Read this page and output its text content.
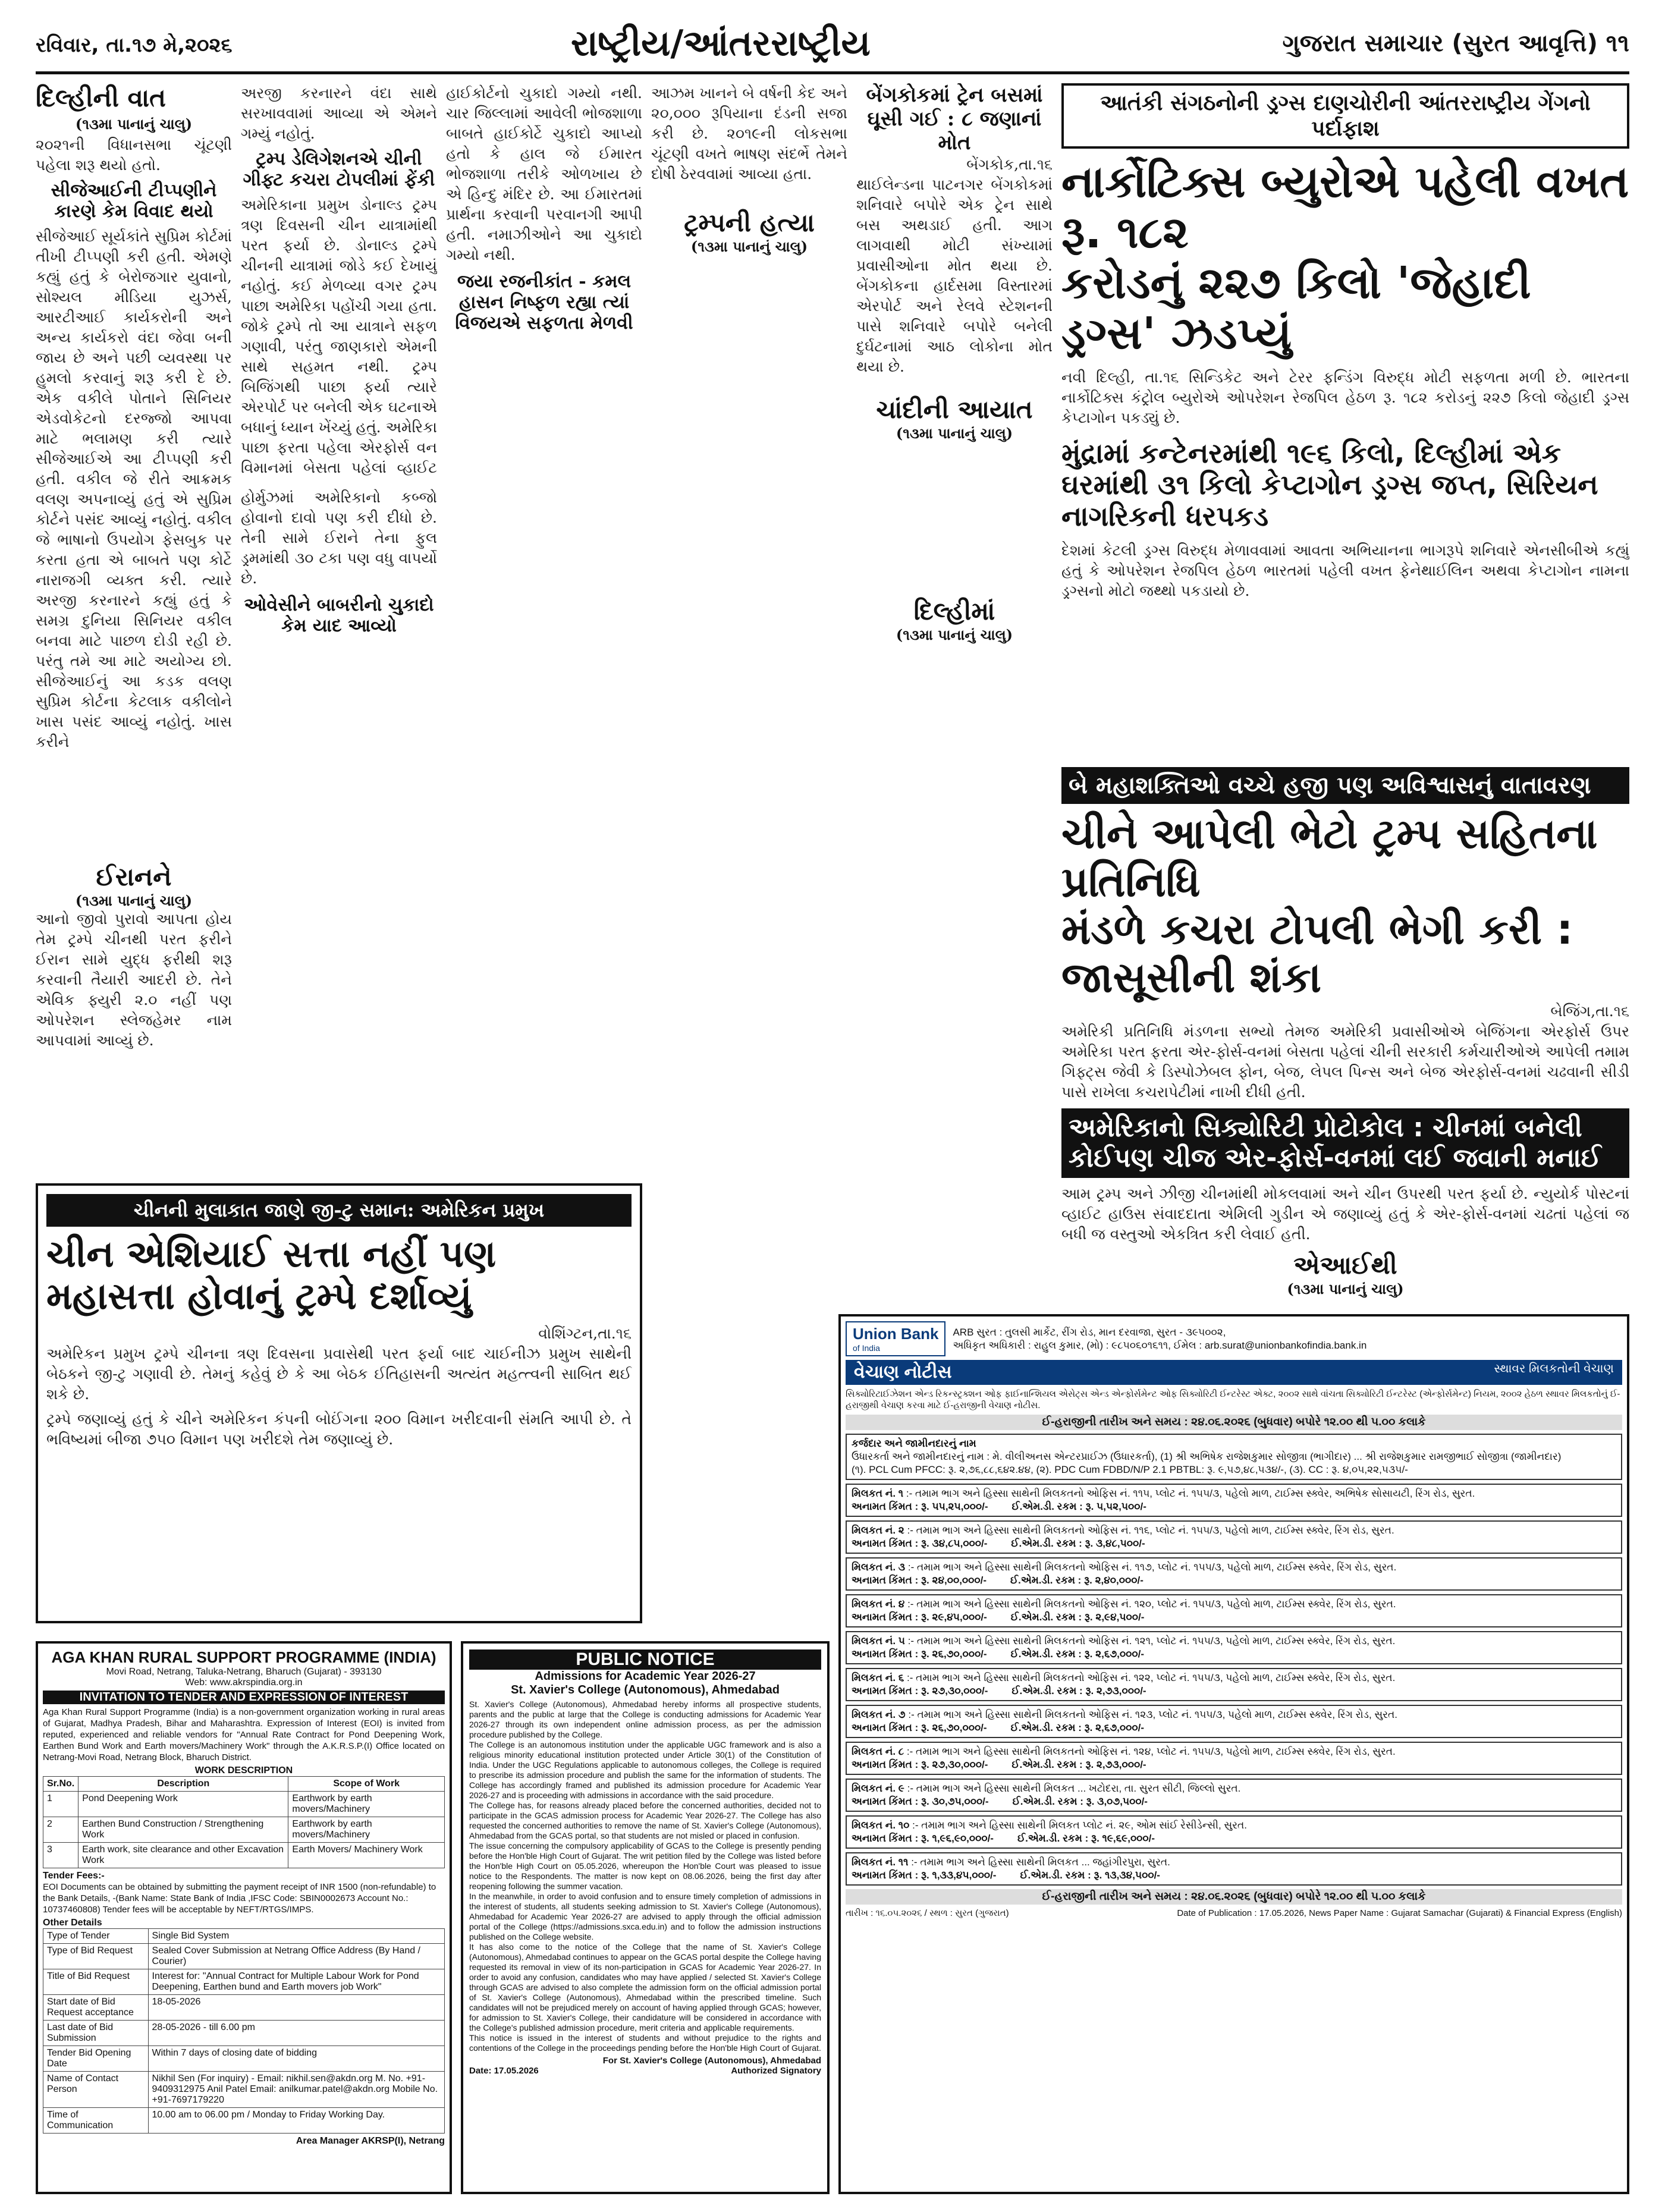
રવિવાર, તા.૧૭ મે,૨૦૨૬	રાષ્ટ્રીય/આંતરરાષ્ટ્રીય	ગુજરાત સમાચાર (સુરત આવૃત્તિ) ૧૧
દિલ્હીની વાત
(૧૩મા પાનાનું ચાલુ)
૨૦૨૧ની વિધાનસભા ચૂંટણી પહેલા શરૂ થયો હતો.
સીજેઆઈની ટીપ્પણીને કારણે કેમ વિવાદ થયો
સીજેઆઈ સૂર્યકાંતે સુપ્રિમ કોર્ટમાં તીખી ટીપ્પણી કરી હતી. એમણે કહ્યું હતું કે બેરોજગાર યુવાનો, સોશ્યલ મીડિયા યુઝર્સ, આરટીઆઈ કાર્યકરોની અને અન્ય કાર્યકરો વંદા જેવા બની જાય છે અને પછી વ્યવસ્થા પર હુમલો કરવાનું શરૂ કરી દે છે. એક વકીલે પોતાને સિનિયર એડવોકેટનો દરજ્જો આપવા માટે ભલામણ કરી ત્યારે સીજેઆઈએ આ ટીપ્પણી કરી હતી. વકીલ જે રીતે આક્રમક વલણ અપનાવ્યું હતું એ સુપ્રિમ કોર્ટને પસંદ આવ્યું નહોતું. વકીલ જે ભાષાનો ઉપયોગ ફેસબુક પર કરતા હતા એ બાબતે પણ કોર્ટે નારાજગી વ્યક્ત કરી. ત્યારે અરજી કરનારને કહ્યું હતું કે સમગ્ર દુનિયા સિનિયર વકીલ બનવા માટે પાછળ દોડી રહી છે. પરંતુ તમે આ માટે અયોગ્ય છો. સીજેઆઈનું આ કડક વલણ સુપ્રિમ કોર્ટના કેટલાક વકીલોને ખાસ પસંદ આવ્યું નહોતું. ખાસ કરીને
અરજી કરનારને વંદા સાથે સરખાવવામાં આવ્યા એ એમને ગમ્યું નહોતું.
ટ્રમ્પ ડેલિગેશનએ ચીની ગીફ્ટ કચરા ટોપલીમાં ફેંકી
અમેરિકાના પ્રમુખ ડોનાલ્ડ ટ્રમ્પ ત્રણ દિવસની ચીન યાત્રામાંથી પરત ફર્યા છે. ડોનાલ્ડ ટ્રમ્પે ચીનની યાત્રામાં જોડે કઈ દેખાયું નહોતું. કઈ મેળવ્યા વગર ટ્રમ્પ પાછા અમેરિકા પહોંચી ગયા હતા. જોકે ટ્રમ્પે તો આ યાત્રાને સફળ ગણાવી, પરંતુ જાણકારો એમની સાથે સહમત નથી. ટ્રમ્પ બિજિંગથી પાછા ફર્યા ત્યારે એરપોર્ટ પર બનેલી એક ઘટનાએ બધાનું ધ્યાન ખેંચ્યું હતું. અમેરિકા પાછા ફરતા પહેલા એરફોર્સ વન વિમાનમાં બેસતા પહેલાં વ્હાઈટ
હાઈકોર્ટનો ચુકાદો ગમ્યો નથી. ચાર જિલ્લામાં આવેલી ભોજશાળા બાબતે હાઈકોર્ટે ચુકાદો આપ્યો હતો કે હાલ જે ઈમારત ભોજશાળા તરીકે ઓળખાય છે એ હિન્દુ મંદિર છે. આ ઈમારતમાં પ્રાર્થના કરવાની પરવાનગી આપી હતી. નમાઝીઓને આ ચુકાદો ગમ્યો નથી.
જયા રજનીકાંત - કમલ હાસન નિષ્ફળ રહ્યા ત્યાં વિજયએ સફળતા મેળવી
આઝમ ખાનને બે વર્ષની કેદ અને ૨૦,૦૦૦ રૂપિયાના દંડની સજા કરી છે. ૨૦૧૯ની લોકસભા ચૂંટણી વખતે ભાષણ સંદર્ભે તેમને દોષી ઠેરવવામાં આવ્યા હતા.
ટ્રમ્પની હત્યા
(૧૩મા પાનાનું ચાલુ)
બેંગકોકમાં ટ્રેન બસમાં ઘૂસી ગઈ : ૮ જણાનાં મોત
બેંગકોક,તા.૧૬
થાઈલેન્ડના પાટનગર બેંગકોકમાં શનિવારે બપોરે એક ટ્રેન સાથે બસ અથડાઈ હતી. આગ લાગવાથી મોટી સંખ્યામાં પ્રવાસીઓના મોત થયા છે. બેંગકોકના હાર્દસમા વિસ્તારમાં એરપોર્ટ અને રેલવે સ્ટેશનની પાસે શનિવારે બપોરે બનેલી દુર્ઘટનામાં આઠ લોકોના મોત થયા છે.
ચાંદીની આયાત
(૧૩મા પાનાનું ચાલુ)
દિલ્હીમાં
(૧૩મા પાનાનું ચાલુ)
આતંકી સંગઠનોની ડ્રગ્સ દાણચોરીની આંતરરાષ્ટ્રીય ગેંગનો પર્દાફાશ
નાર્કોટિક્સ બ્યુરોએ પહેલી વખત રૂ. ૧૮૨
કરોડનું ૨૨૭ કિલો 'જેહાદી ડ્રગ્સ' ઝડપ્યું
નવી દિલ્હી, તા.૧૬ સિન્ડિકેટ અને ટેરર ફન્ડિંગ વિરુદ્ધ મોટી સફળતા મળી છે. ભારતના નાર્કોટિક્સ કંટ્રોલ બ્યુરોએ ઓપરેશન રેજપિલ હેઠળ રૂ. ૧૮૨ કરોડનું ૨૨૭ કિલો જેહાદી ડ્રગ્સ કેપ્ટાગોન પકડ્યું છે.
મુંદ્રામાં કન્ટેનરમાંથી ૧૯૬ કિલો, દિલ્હીમાં એક ઘરમાંથી ૩૧ કિલો કેપ્ટાગોન ડ્રગ્સ જપ્ત, સિરિયન નાગરિકની ધરપકડ
દેશમાં કેટલી ડ્રગ્સ વિરુદ્ધ મેળાવવામાં આવતા અભિયાનના ભાગરૂપે શનિવારે એનસીબીએ કહ્યું હતું કે ઓપરેશન રેજપિલ હેઠળ ભારતમાં પહેલી વખત ફેનેથાઈલિન અથવા કેપ્ટાગોન નામના ડ્રગ્સનો મોટો જથ્થો પકડાયો છે.
ઈરાનને
(૧૩મા પાનાનું ચાલુ)
આનો જીવો પુરાવો આપતા હોય તેમ ટ્રમ્પે ચીનથી પરત ફરીને ઈરાન સામે યુદ્ધ ફરીથી શરૂ કરવાની તૈયારી આદરી છે. તેને એવિક ફ્યુરી ૨.૦ નહીં પણ ઓપરેશન સ્લેજહેમર નામ આપવામાં આવ્યું છે.
હોર્મુઝમાં અમેરિકાનો કબ્જો હોવાનો દાવો પણ કરી દીધો છે. તેની સામે ઈરાને તેના ફુલ ડ્રમમાંથી ૩૦ ટકા પણ વધુ વાપર્યો છે.
ઓવેસીને બાબરીનો ચુકાદો કેમ યાદ આવ્યો
ચીનની મુલાકાત જાણે જી-ટુ સમાન: અમેરિકન પ્રમુખ
ચીન એશિયાઈ સત્તા નહીં પણ મહાસત્તા હોવાનું ટ્રમ્પે દર્શાવ્યું
વોશિંગ્ટન,તા.૧૬
અમેરિકન પ્રમુખ ટ્રમ્પે ચીનના ત્રણ દિવસના પ્રવાસેથી પરત ફર્યા બાદ ચાઈનીઝ પ્રમુખ સાથેની બેઠકને જી-ટુ ગણાવી છે. તેમનું કહેવું છે કે આ બેઠક ઈતિહાસની અત્યંત મહત્ત્વની સાબિત થઈ શકે છે.
ટ્રમ્પે જણાવ્યું હતું કે ચીને અમેરિકન કંપની બોઈંગના ૨૦૦ વિમાન ખરીદવાની સંમતિ આપી છે. તે ભવિષ્યમાં બીજા ૭૫૦ વિમાન પણ ખરીદશે તેમ જણાવ્યું છે.
બે મહાશક્તિઓ વચ્ચે હજી પણ અવિશ્વાસનું વાતાવરણ
ચીને આપેલી ભેટો ટ્રમ્પ સહિતના પ્રતિનિધિ
મંડળે કચરા ટોપલી ભેગી કરી : જાસૂસીની શંકા
બેજિંગ,તા.૧૬
અમેરિકી પ્રતિનિધિ મંડળના સભ્યો તેમજ અમેરિકી પ્રવાસીઓએ બેજિંગના એરફોર્સ ઉપર અમેરિકા પરત ફરતા એર-ફોર્સ-વનમાં બેસતા પહેલાં ચીની સરકારી કર્મચારીઓએ આપેલી તમામ ગિફ્ટ્સ જેવી કે ડિસ્પોઝેબલ ફોન, બેજ, લેપલ પિન્સ અને બેજ એરફોર્સ-વનમાં ચઢવાની સીડી પાસે રાખેલા કચરાપેટીમાં નાખી દીધી હતી.
અમેરિકાનો સિક્યોરિટી પ્રોટોકોલ : ચીનમાં બનેલી કોઈપણ ચીજ એર-ફોર્સ-વનમાં લઈ જવાની મનાઈ
આમ ટ્રમ્પ અને ઝીજી ચીનમાંથી મોકલવામાં અને ચીન ઉપરથી પરત ફર્યા છે. ન્યુયોર્ક પોસ્ટનાં વ્હાઈટ હાઉસ સંવાદદાતા એમિલી ગુડીન એ જણાવ્યું હતું કે એર-ફોર્સ-વનમાં ચઢતાં પહેલાં જ બધી જ વસ્તુઓ એકત્રિત કરી લેવાઈ હતી.
એઆઈથી
(૧૩મા પાનાનું ચાલુ)
AGA KHAN RURAL SUPPORT PROGRAMME (INDIA)
Movi Road, Netrang, Taluka-Netrang, Bharuch (Gujarat) - 393130
Web: www.akrspindia.org.in
INVITATION TO TENDER AND EXPRESSION OF INTEREST
Aga Khan Rural Support Programme (India) is a non-government organization working in rural areas of Gujarat, Madhya Pradesh, Bihar and Maharashtra. Expression of Interest (EOI) is invited from reputed, experienced and reliable vendors for "Annual Rate Contract for Pond Deepening Work, Earthen Bund Work and Earth movers/Machinery Work" through the A.K.R.S.P.(I) Office located on Netrang-Movi Road, Netrang Block, Bharuch District.
WORK DESCRIPTION
Sr.No.	Description	Scope of Work
1	Pond Deepening Work	Earthwork by earth movers/Machinery
2	Earthen Bund Construction / Strengthening Work	Earthwork by earth movers/Machinery
3	Earth work, site clearance and other Excavation Work	Earth Movers/ Machinery Work
Tender Fees:-
EOI Documents can be obtained by submitting the payment receipt of INR 1500 (non-refundable) to the Bank Details, -(Bank Name: State Bank of India ,IFSC Code: SBIN0002673 Account No.: 10737460808) Tender fees will be acceptable by NEFT/RTGS/IMPS.
Other Details
Type of Tender	Single Bid System
Type of Bid Request	Sealed Cover Submission at Netrang Office Address (By Hand / Courier)
Title of Bid Request	Interest for: "Annual Contract for Multiple Labour Work for Pond Deepening, Earthen bund and Earth movers job Work"
Start date of Bid Request acceptance	18-05-2026
Last date of Bid Submission	28-05-2026 - till 6.00 pm
Tender Bid Opening Date	Within 7 days of closing date of bidding
Name of Contact Person	Nikhil Sen (For inquiry) - Email: nikhil.sen@akdn.org M. No. +91-9409312975 Anil Patel Email: anilkumar.patel@akdn.org Mobile No. +91-7697179220
Time of Communication	10.00 am to 06.00 pm / Monday to Friday Working Day.
Area Manager AKRSP(I), Netrang
PUBLIC NOTICE
Admissions for Academic Year 2026-27
St. Xavier's College (Autonomous), Ahmedabad

St. Xavier's College (Autonomous), Ahmedabad hereby informs all prospective students, parents and the public at large that the College is conducting admissions for Academic Year 2026-27 through its own independent online admission process, as per the admission procedure published by the College.

The College is an autonomous institution under the applicable UGC framework and is also a religious minority educational institution protected under Article 30(1) of the Constitution of India. Under the UGC Regulations applicable to autonomous colleges, the College is required to prescribe its admission procedure and publish the same for the information of students. The College has accordingly framed and published its admission procedure for Academic Year 2026-27 and is proceeding with admissions in accordance with the said procedure.

The College has, for reasons already placed before the concerned authorities, decided not to participate in the GCAS admission process for Academic Year 2026-27. The College has also requested the concerned authorities to remove the name of St. Xavier's College (Autonomous), Ahmedabad from the GCAS portal, so that students are not misled or placed in confusion.

The issue concerning the compulsory applicability of GCAS to the College is presently pending before the Hon'ble High Court of Gujarat. The writ petition filed by the College was listed before the Hon'ble High Court on 05.05.2026, whereupon the Hon'ble Court was pleased to issue notice to the Respondents. The matter is now kept on 08.06.2026, being the first day after reopening following the summer vacation.

In the meanwhile, in order to avoid confusion and to ensure timely completion of admissions in the interest of students, all students seeking admission to St. Xavier's College (Autonomous), Ahmedabad for Academic Year 2026-27 are advised to apply through the official admission portal of the College (https://admissions.sxca.edu.in) and to follow the admission instructions published on the College website.

It has also come to the notice of the College that the name of St. Xavier's College (Autonomous), Ahmedabad continues to appear on the GCAS portal despite the College having requested its removal in view of its non-participation in GCAS for Academic Year 2026-27. In order to avoid any confusion, candidates who may have applied / selected St. Xavier's College through GCAS are advised to also complete the admission form on the official admission portal of St. Xavier's College (Autonomous), Ahmedabad within the prescribed timeline. Such candidates will not be prejudiced merely on account of having applied through GCAS; however, for admission to St. Xavier's College, their candidature will be considered in accordance with the College's published admission procedure, merit criteria and applicable requirements.

This notice is issued in the interest of students and without prejudice to the rights and contentions of the College in the proceedings pending before the Hon'ble High Court of Gujarat.

For St. Xavier's College (Autonomous), Ahmedabad
Date: 17.05.2026	Authorized Signatory
Union Bank
of India
ARB સુરત : તુલસી માર્કેટ, રીંગ રોડ, માન દરવાજા, સુરત - ૩૯૫૦૦૨,
અધિકૃત અધિકારી : રાહુલ કુમાર, (મો) : ૯૮૫૦૬૦૧૬૧૧, ઈમેલ : arb.surat@unionbankofindia.bank.in
વેચાણ નોટીસ	સ્થાવર મિલકતોની વેચાણ
સિક્યોરિટાઈઝેશન એન્ડ રિકન્સ્ટ્રક્શન ઓફ ફાઈનાન્શિયલ એસેટ્સ એન્ડ એન્ફોર્સમેન્ટ ઓફ સિક્યોરિટી ઈન્ટરેસ્ટ એક્ટ, ૨૦૦૨ સાથે વાંચતા સિક્યોરિટી ઈન્ટરેસ્ટ (એન્ફોર્સમેન્ટ) નિયમ, ૨૦૦૨ હેઠળ સ્થાવર મિલકતોનું ઈ-હરાજીથી વેચાણ કરવા માટે ઈ-હરાજીની વેચાણ નોટીસ.
ઈ-હરાજીની તારીખ અને સમય : ૨૪.૦૬.૨૦૨૬ (બુધવાર) બપોરે ૧૨.૦૦ થી ૫.૦૦ કલાકે
કર્જદાર અને જામીનદારનું નામ
ઉધારકર્તા અને જામીનદારનું નામ : મે. વીલીઅનસ એન્ટરપ્રાઈઝ (ઉધારકર્તા), (1) શ્રી અભિષેક રાજેશકુમાર સોજીત્રા (ભાગીદાર) ... શ્રી રાજેશકુમાર રામજીભાઈ સોજીત્રા (જામીનદાર)
(૧). PCL Cum PFCC: રૂ. ૨,૭૬,૮૮,૬૪૨.૪૪, (૨). PDC Cum FDBD/N/P 2.1 PBTBL: રૂ. ૯,૫૭,૪૮,૫૩૪/-, (૩). CC : રૂ. ૪,૦૫,૨૨,૫૩૫/-
મિલકત નં. ૧ :- તમામ ભાગ અને હિસ્સા સાથેની મિલકતનો ઓફિસ નં. ૧૧૫, પ્લોટ નં. ૧૫૫/૩, પહેલો માળ, ટાઈમ્સ સ્ક્વેર, અભિષેક સોસાયટી, રિંગ રોડ, સુરત.
અનામત કિંમત : રૂ. ૫૫,૨૫,૦૦૦/- ઈ.એમ.ડી. રકમ : રૂ. ૫,૫૨,૫૦૦/-
મિલકત નં. ૨ :- તમામ ભાગ અને હિસ્સા સાથેની મિલકતનો ઓફિસ નં. ૧૧૬, પ્લોટ નં. ૧૫૫/૩, પહેલો માળ, ટાઈમ્સ સ્ક્વેર, રિંગ રોડ, સુરત.
અનામત કિંમત : રૂ. ૩૪,૮૫,૦૦૦/- ઈ.એમ.ડી. રકમ : રૂ. ૩,૪૮,૫૦૦/-
મિલકત નં. ૩ :- તમામ ભાગ અને હિસ્સા સાથેની મિલકતનો ઓફિસ નં. ૧૧૭, પ્લોટ નં. ૧૫૫/૩, પહેલો માળ, ટાઈમ્સ સ્ક્વેર, રિંગ રોડ, સુરત.
અનામત કિંમત : રૂ. ૨૪,૦૦,૦૦૦/- ઈ.એમ.ડી. રકમ : રૂ. ૨,૪૦,૦૦૦/-
મિલકત નં. ૪ :- તમામ ભાગ અને હિસ્સા સાથેની મિલકતનો ઓફિસ નં. ૧૨૦, પ્લોટ નં. ૧૫૫/૩, પહેલો માળ, ટાઈમ્સ સ્ક્વેર, રિંગ રોડ, સુરત.
અનામત કિંમત : રૂ. ૨૯,૪૫,૦૦૦/- ઈ.એમ.ડી. રકમ : રૂ. ૨,૯૪,૫૦૦/-
મિલકત નં. ૫ :- તમામ ભાગ અને હિસ્સા સાથેની મિલકતનો ઓફિસ નં. ૧૨૧, પ્લોટ નં. ૧૫૫/૩, પહેલો માળ, ટાઈમ્સ સ્ક્વેર, રિંગ રોડ, સુરત.
અનામત કિંમત : રૂ. ૨૬,૭૦,૦૦૦/- ઈ.એમ.ડી. રકમ : રૂ. ૨,૬૭,૦૦૦/-
મિલકત નં. ૬ :- તમામ ભાગ અને હિસ્સા સાથેની મિલકતનો ઓફિસ નં. ૧૨૨, પ્લોટ નં. ૧૫૫/૩, પહેલો માળ, ટાઈમ્સ સ્ક્વેર, રિંગ રોડ, સુરત.
અનામત કિંમત : રૂ. ૨૭,૩૦,૦૦૦/- ઈ.એમ.ડી. રકમ : રૂ. ૨,૭૩,૦૦૦/-
મિલકત નં. ૭ :- તમામ ભાગ અને હિસ્સા સાથેની મિલકતનો ઓફિસ નં. ૧૨૩, પ્લોટ નં. ૧૫૫/૩, પહેલો માળ, ટાઈમ્સ સ્ક્વેર, રિંગ રોડ, સુરત.
અનામત કિંમત : રૂ. ૨૬,૭૦,૦૦૦/- ઈ.એમ.ડી. રકમ : રૂ. ૨,૬૭,૦૦૦/-
મિલકત નં. ૮ :- તમામ ભાગ અને હિસ્સા સાથેની મિલકતનો ઓફિસ નં. ૧૨૪, પ્લોટ નં. ૧૫૫/૩, પહેલો માળ, ટાઈમ્સ સ્ક્વેર, રિંગ રોડ, સુરત.
અનામત કિંમત : રૂ. ૨૭,૩૦,૦૦૦/- ઈ.એમ.ડી. રકમ : રૂ. ૨,૭૩,૦૦૦/-
મિલકત નં. ૯ :- તમામ ભાગ અને હિસ્સા સાથેની મિલકત ... ખટોદરા, તા. સુરત સીટી, જિલ્લો સુરત.
અનામત કિંમત : રૂ. ૩૦,૭૫,૦૦૦/- ઈ.એમ.ડી. રકમ : રૂ. ૩,૦૭,૫૦૦/-
મિલકત નં. ૧૦ :- તમામ ભાગ અને હિસ્સા સાથેની મિલકત પ્લોટ નં. ૨૯, ઓમ સાંઈ રેસીડેન્સી, સુરત.
અનામત કિંમત : રૂ. ૧,૯૬,૯૦,૦૦૦/- ઈ.એમ.ડી. રકમ : રૂ. ૧૯,૬૯,૦૦૦/-
મિલકત નં. ૧૧ :- તમામ ભાગ અને હિસ્સા સાથેની મિલકત ... જહાંગીરપુરા, સુરત.
અનામત કિંમત : રૂ. ૧,૩૩,૪૫,૦૦૦/- ઈ.એમ.ડી. રકમ : રૂ. ૧૩,૩૪,૫૦૦/-
ઈ-હરાજીની તારીખ અને સમય : ૨૪.૦૬.૨૦૨૬ (બુધવાર) બપોરે ૧૨.૦૦ થી ૫.૦૦ કલાકે
તારીખ : ૧૬.૦૫.૨૦૨૬ / સ્થળ : સુરત (ગુજરાત)	Date of Publication : 17.05.2026, News Paper Name : Gujarat Samachar (Gujarati) & Financial Express (English)
